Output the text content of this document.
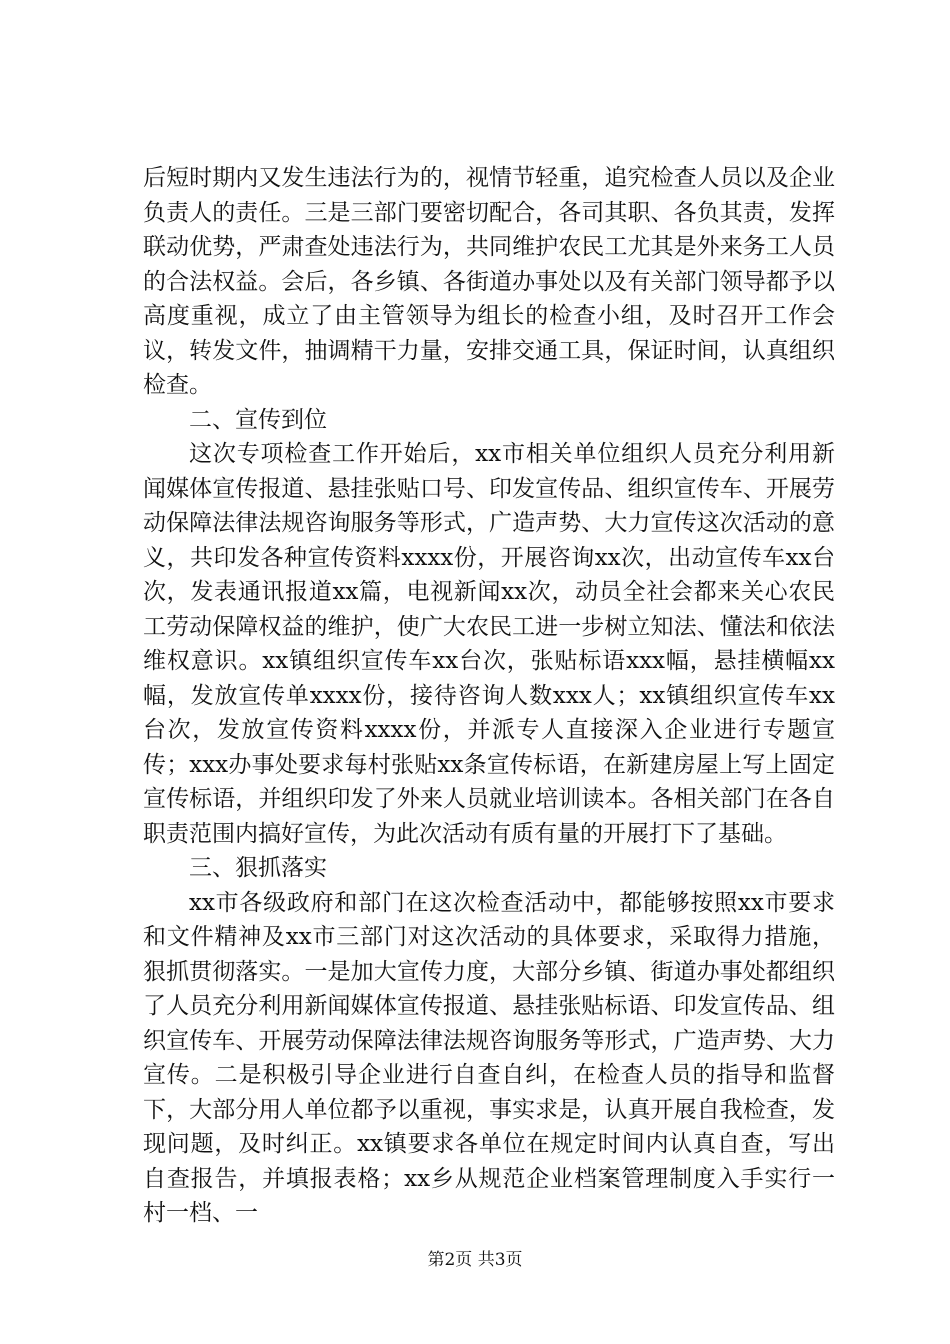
后短时期内又发生违法行为的，视情节轻重，追究检查人员以及企业负责人的责任。三是三部门要密切配合，各司其职、各负其责，发挥联动优势，严肃查处违法行为，共同维护农民工尤其是外来务工人员的合法权益。会后，各乡镇、各街道办事处以及有关部门领导都予以高度重视，成立了由主管领导为组长的检查小组，及时召开工作会议，转发文件，抽调精干力量，安排交通工具，保证时间，认真组织检查。

二、宣传到位

这次专项检查工作开始后，xx市相关单位组织人员充分利用新闻媒体宣传报道、悬挂张贴口号、印发宣传品、组织宣传车、开展劳动保障法律法规咨询服务等形式，广造声势、大力宣传这次活动的意义，共印发各种宣传资料xxxx份，开展咨询xx次，出动宣传车xx台次，发表通讯报道xx篇，电视新闻xx次，动员全社会都来关心农民工劳动保障权益的维护，使广大农民工进一步树立知法、懂法和依法维权意识。xx镇组织宣传车xx台次，张贴标语xxx幅，悬挂横幅xx幅，发放宣传单xxxx份，接待咨询人数xxx人；xx镇组织宣传车xx台次，发放宣传资料xxxx份，并派专人直接深入企业进行专题宣传；xxx办事处要求每村张贴xx条宣传标语，在新建房屋上写上固定宣传标语，并组织印发了外来人员就业培训读本。各相关部门在各自职责范围内搞好宣传，为此次活动有质有量的开展打下了基础。

三、狠抓落实

xx市各级政府和部门在这次检查活动中，都能够按照xx市要求和文件精神及xx市三部门对这次活动的具体要求，采取得力措施，狠抓贯彻落实。一是加大宣传力度，大部分乡镇、街道办事处都组织了人员充分利用新闻媒体宣传报道、悬挂张贴标语、印发宣传品、组织宣传车、开展劳动保障法律法规咨询服务等形式，广造声势、大力宣传。二是积极引导企业进行自查自纠，在检查人员的指导和监督下，大部分用人单位都予以重视，事实求是，认真开展自我检查，发现问题，及时纠正。xx镇要求各单位在规定时间内认真自查，写出自查报告，并填报表格；xx乡从规范企业档案管理制度入手实行一村一档、一

第2页 共3页
